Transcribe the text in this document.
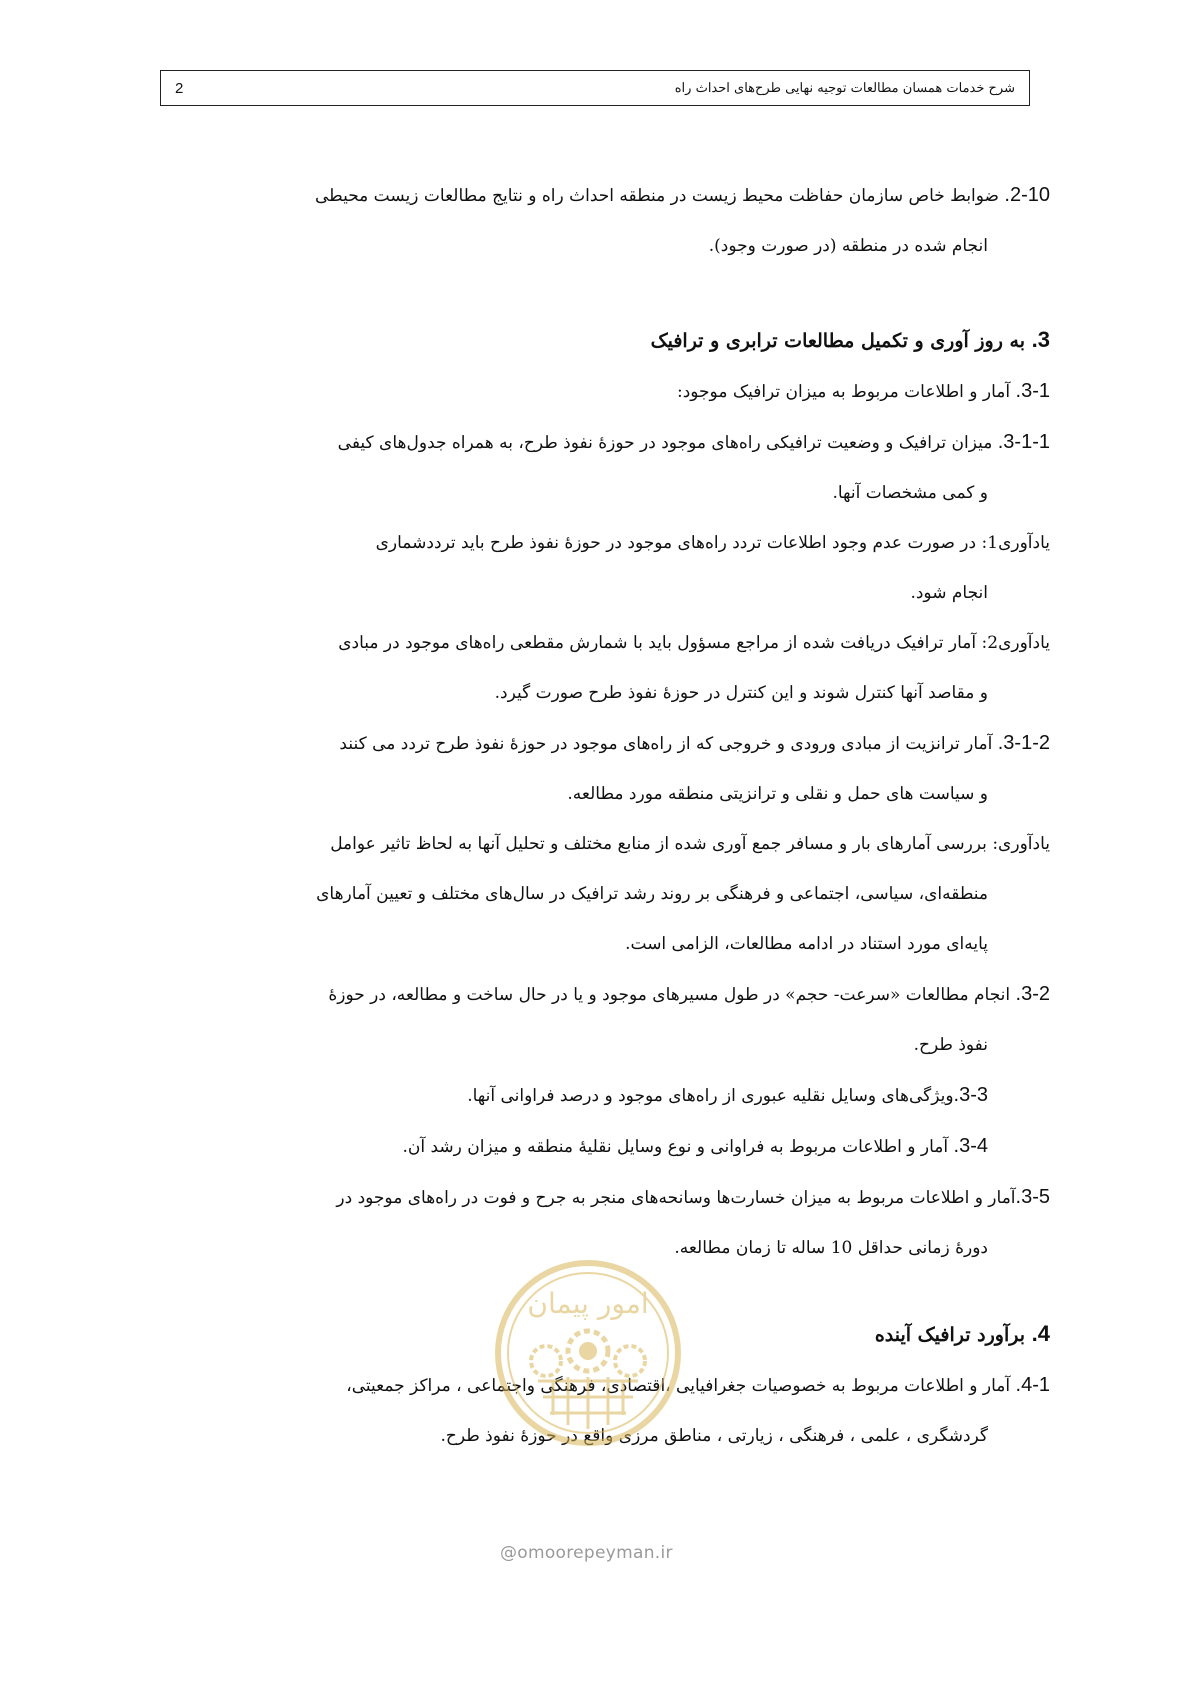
شرح خدمات همسان مطالعات توجیه نهایی طرح‌های احداث راه
2

2-10. ضوابط خاص سازمان حفاظت محیط زیست در منطقه احداث راه و نتایج مطالعات زیست محیطی
انجام شده در منطقه (در صورت وجود).

3. به روز آوری و تکمیل مطالعات ترابری و ترافیک

3-1. آمار و اطلاعات مربوط به میزان ترافیک موجود:

3-1-1. میزان ترافیک و وضعیت ترافیکی راه‌های موجود در حوزهٔ نفوذ طرح، به همراه جدول‌های کیفی
و کمی مشخصات آنها.

یادآوری1: در صورت عدم وجود اطلاعات تردد راه‌های موجود در حوزهٔ نفوذ طرح باید ترددشماری
انجام شود.

یادآوری2: آمار ترافیک دریافت شده از مراجع مسؤول باید با شمارش مقطعی راه‌های موجود در مبادی
و مقاصد آنها کنترل شوند و این کنترل در حوزهٔ نفوذ طرح صورت گیرد.

3-1-2. آمار ترانزیت از مبادی ورودی و خروجی که از راه‌های موجود در حوزهٔ نفوذ طرح تردد می کنند
و سیاست های حمل و نقلی و ترانزیتی منطقه مورد مطالعه.

یادآوری: بررسی آمارهای بار و مسافر جمع آوری شده از منابع مختلف و تحلیل آنها به لحاظ تاثیر عوامل
منطقه‌ای، سیاسی، اجتماعی و فرهنگی بر روند رشد ترافیک در سال‌های مختلف و تعیین آمارهای
پایه‌ای مورد استناد در ادامه مطالعات، الزامی است.

3-2. انجام مطالعات «سرعت- حجم» در طول مسیرهای موجود و یا در حال ساخت و مطالعه، در حوزهٔ
نفوذ طرح.

3-3.ویژگی‌های وسایل نقلیه عبوری از راه‌های موجود و درصد فراوانی آنها.

3-4. آمار و اطلاعات مربوط به فراوانی و نوع وسایل نقلیهٔ منطقه و میزان رشد آن.

3-5.آمار و اطلاعات مربوط به میزان خسارت‌ها وسانحه‌های منجر به جرح و فوت در راه‌های موجود در
دورهٔ زمانی حداقل 10 ساله تا زمان مطالعه.

4. برآورد ترافیک آینده

4-1. آمار و اطلاعات مربوط به خصوصیات جغرافیایی ،اقتصادی، فرهنگی واجتماعی ، مراکز جمعیتی،
گردشگری ، علمی ، فرهنگی ، زیارتی ، مناطق مرزی واقع در حوزهٔ نفوذ طرح.

امور پیمان
@omoorepeyman.ir
